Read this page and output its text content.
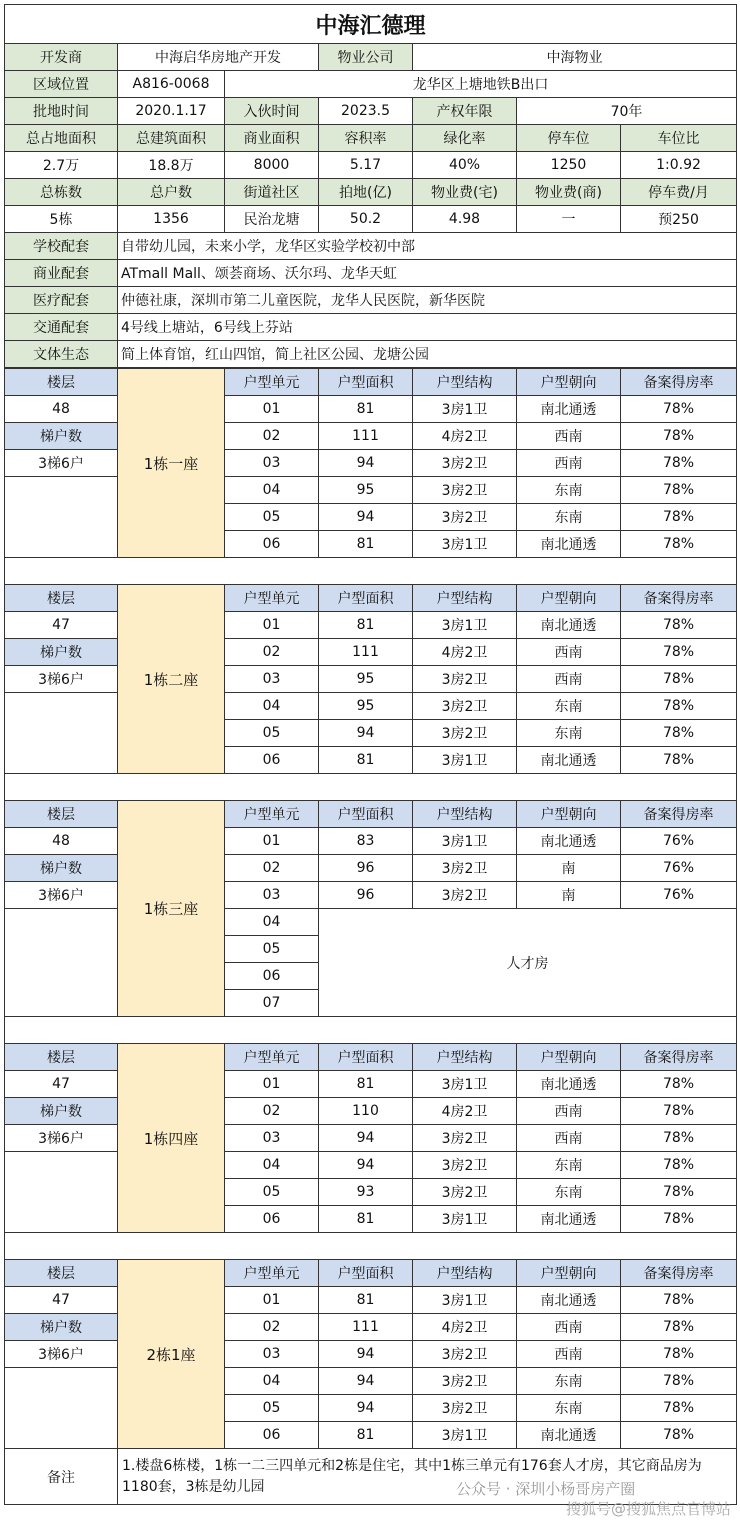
中海汇德理						
开发商	中海启华房地产开发		物业公司	中海物业		
区域位置	A816-0068	龙华区上塘地铁B出口				
批地时间	2020.1.17	入伙时间	2023.5	产权年限	70年	
总占地面积	总建筑面积	商业面积	容积率	绿化率	停车位	车位比
2.7万	18.8万	8000	5.17	40%	1250	1:0.92
总栋数	总户数	街道社区	拍地(亿)	物业费(宅)	物业费(商)	停车费/月
5栋	1356	民治龙塘	50.2	4.98	一	预250
学校配套	自带幼儿园，未来小学，龙华区实验学校初中部					
商业配套	ATmall Mall、颂荟商场、沃尔玛、龙华天虹					
医疗配套	仲德社康，深圳市第二儿童医院，龙华人民医院，新华医院					
交通配套	4号线上塘站，6号线上芬站					
文体生态	简上体育馆，红山四馆，简上社区公园、龙塘公园					
楼层	1栋一座	户型单元	户型面积	户型结构	户型朝向	备案得房率
48		01	81	3房1卫	南北通透	78%
梯户数		02	111	4房2卫	西南	78%
3梯6户		03	94	3房2卫	西南	78%
		04	95	3房2卫	东南	78%
		05	94	3房2卫	东南	78%
		06	81	3房1卫	南北通透	78%

楼层	1栋二座	户型单元	户型面积	户型结构	户型朝向	备案得房率
47		01	81	3房1卫	南北通透	78%
梯户数		02	111	4房2卫	西南	78%
3梯6户		03	95	3房2卫	西南	78%
		04	95	3房2卫	东南	78%
		05	94	3房2卫	东南	78%
		06	81	3房1卫	南北通透	78%

楼层	1栋三座	户型单元	户型面积	户型结构	户型朝向	备案得房率
48		01	83	3房1卫	南北通透	76%
梯户数		02	96	3房2卫	南	76%
3梯6户		03	96	3房2卫	南	76%
		04	人才房			
		05				
		06				
		07				

楼层	1栋四座	户型单元	户型面积	户型结构	户型朝向	备案得房率
47		01	81	3房1卫	南北通透	78%
梯户数		02	110	4房2卫	西南	78%
3梯6户		03	94	3房2卫	西南	78%
		04	94	3房2卫	东南	78%
		05	93	3房2卫	东南	78%
		06	81	3房1卫	南北通透	78%

楼层	2栋1座	户型单元	户型面积	户型结构	户型朝向	备案得房率
47		01	81	3房1卫	南北通透	78%
梯户数		02	111	4房2卫	西南	78%
3梯6户		03	94	3房2卫	西南	78%
		04	94	3房2卫	东南	78%
		05	94	3房2卫	东南	78%
		06	81	3房1卫	南北通透	78%
备注	1.楼盘6栋楼，1栋一二三四单元和2栋是住宅，其中1栋三单元有176套人才房，其它商品房为1180套，3栋是幼儿园						公众号 · 深圳小杨哥房产圈
搜狐号@搜狐焦点官博站
